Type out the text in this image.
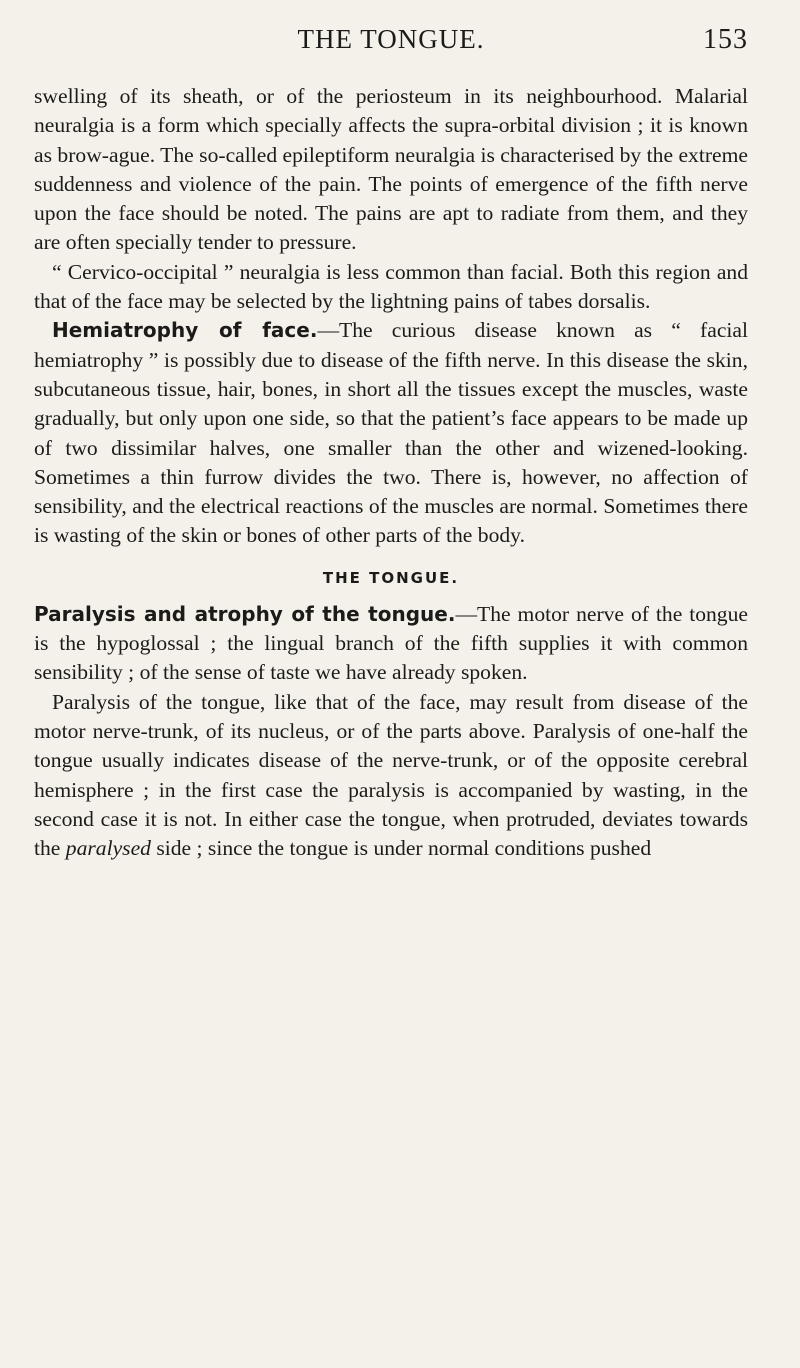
THE TONGUE.	153

swelling of its sheath, or of the periosteum in its neighbourhood. Malarial neuralgia is a form which specially affects the supra-orbital division ; it is known as brow-ague. The so-called epileptiform neuralgia is characterised by the extreme suddenness and violence of the pain. The points of emergence of the fifth nerve upon the face should be noted. The pains are apt to radiate from them, and they are often specially tender to pressure.

“ Cervico-occipital ” neuralgia is less common than facial. Both this region and that of the face may be selected by the lightning pains of tabes dorsalis.

Hemiatrophy of face.—The curious disease known as “ facial hemiatrophy ” is possibly due to disease of the fifth nerve. In this disease the skin, subcutaneous tissue, hair, bones, in short all the tissues except the muscles, waste gradually, but only upon one side, so that the patient’s face appears to be made up of two dissimilar halves, one smaller than the other and wizened-looking. Sometimes a thin furrow divides the two. There is, however, no affection of sensibility, and the electrical reactions of the muscles are normal. Sometimes there is wasting of the skin or bones of other parts of the body.

THE TONGUE.

Paralysis and atrophy of the tongue.—The motor nerve of the tongue is the hypoglossal ; the lingual branch of the fifth supplies it with common sensibility ; of the sense of taste we have already spoken.

Paralysis of the tongue, like that of the face, may result from disease of the motor nerve-trunk, of its nucleus, or of the parts above. Paralysis of one-half the tongue usually indicates disease of the nerve-trunk, or of the opposite cerebral hemisphere ; in the first case the paralysis is accompanied by wasting, in the second case it is not. In either case the tongue, when protruded, deviates towards the paralysed side ; since the tongue is under normal conditions pushed
